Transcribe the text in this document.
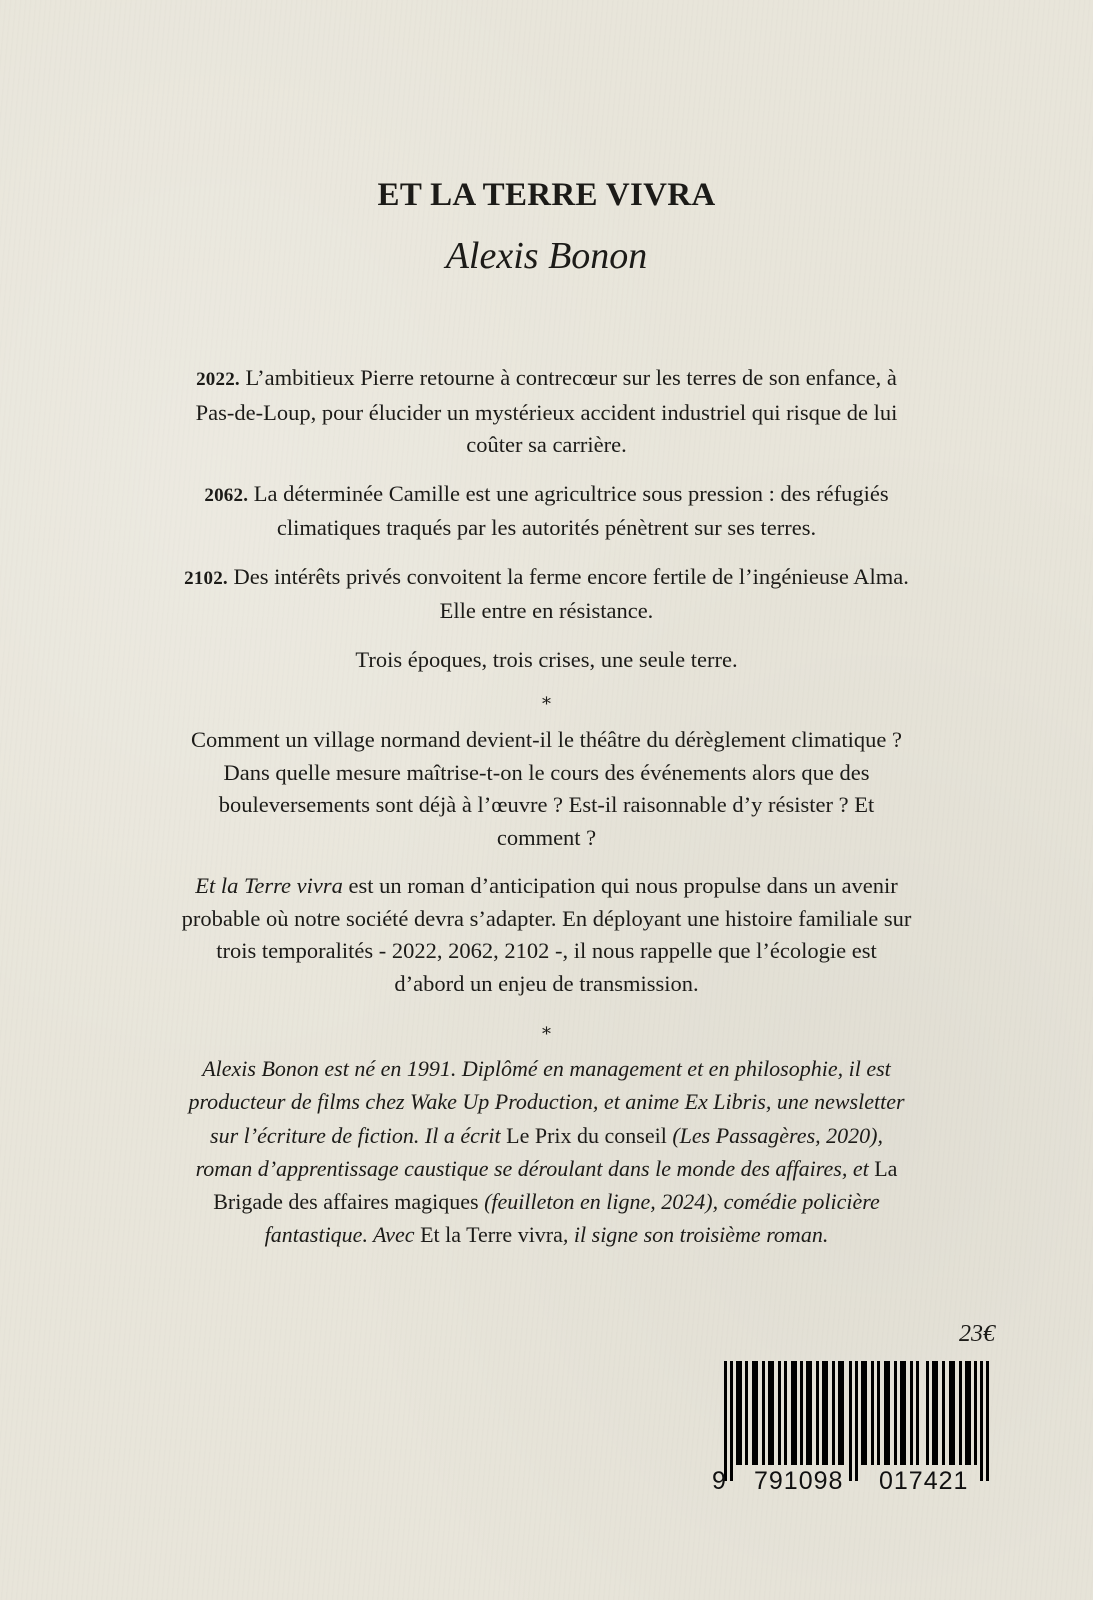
ET LA TERRE VIVRA
Alexis Bonon

2022. L’ambitieux Pierre retourne à contrecœur sur les terres de son enfance, à Pas-de-Loup, pour élucider un mystérieux accident industriel qui risque de lui coûter sa carrière.

2062. La déterminée Camille est une agricultrice sous pression : des réfugiés climatiques traqués par les autorités pénètrent sur ses terres.

2102. Des intérêts privés convoitent la ferme encore fertile de l’ingénieuse Alma. Elle entre en résistance.

Trois époques, trois crises, une seule terre.

⁎

Comment un village normand devient-il le théâtre du dérèglement climatique ? Dans quelle mesure maîtrise-t-on le cours des événements alors que des bouleversements sont déjà à l’œuvre ? Est-il raisonnable d’y résister ? Et comment ?

Et la Terre vivra est un roman d’anticipation qui nous propulse dans un avenir probable où notre société devra s’adapter. En déployant une histoire familiale sur trois temporalités - 2022, 2062, 2102 -, il nous rappelle que l’écologie est d’abord un enjeu de transmission.

⁎
Alexis Bonon est né en 1991. Diplômé en management et en philosophie, il est producteur de films chez Wake Up Production, et anime Ex Libris, une newsletter sur l’écriture de fiction. Il a écrit Le Prix du conseil (Les Passagères, 2020), roman d’apprentissage caustique se déroulant dans le monde des affaires, et La Brigade des affaires magiques (feuilleton en ligne, 2024), comédie policière fantastique. Avec Et la Terre vivra, il signe son troisième roman.
23€
9 791098 017421
